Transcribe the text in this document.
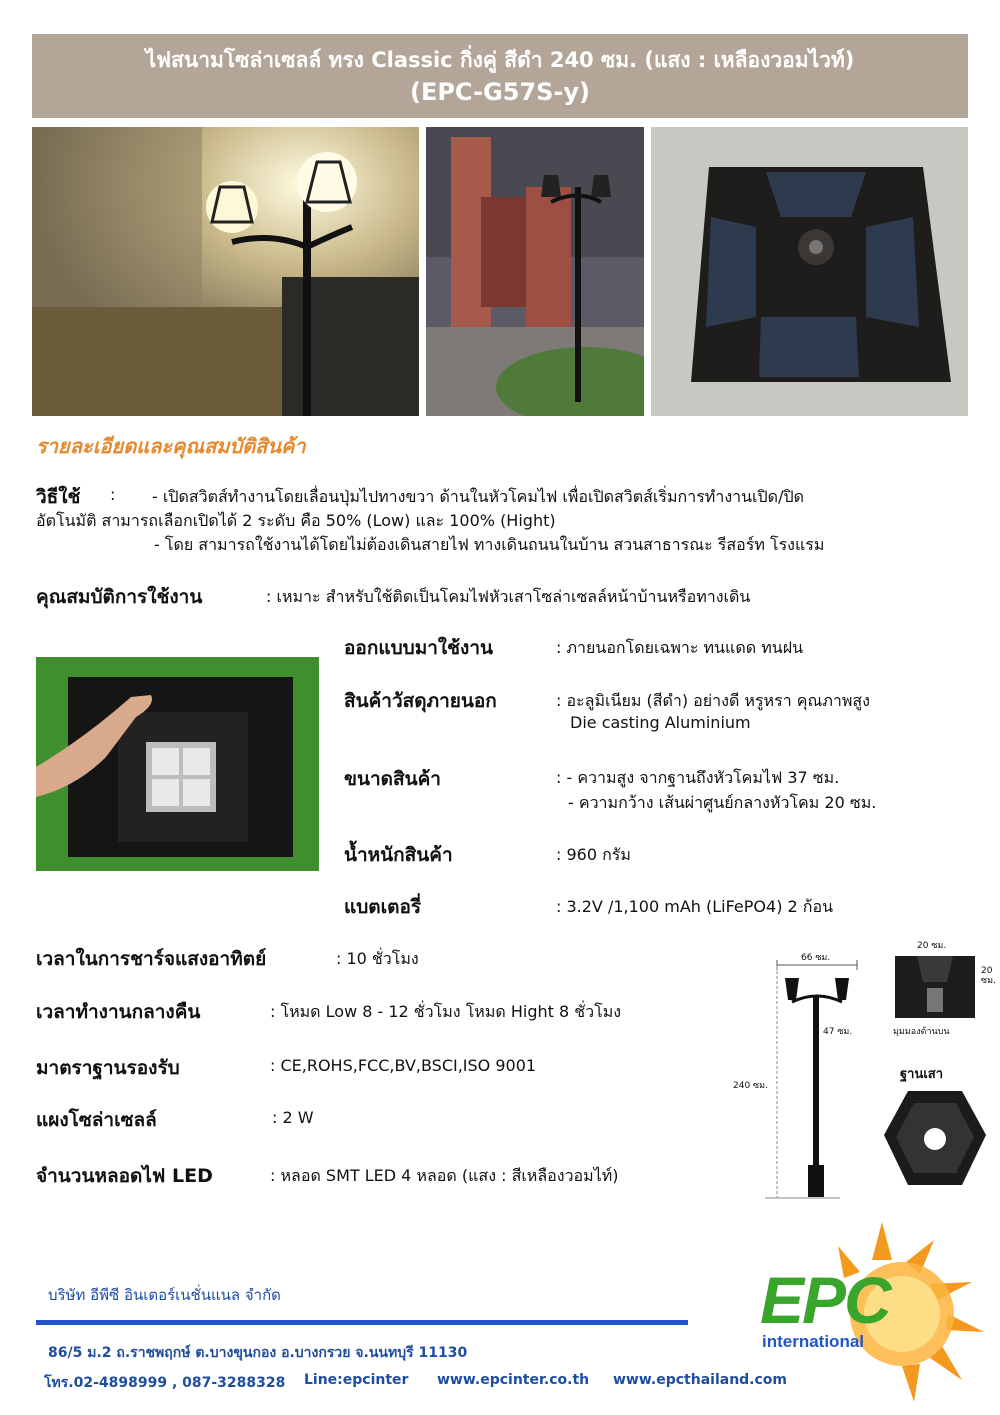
ไฟสนามโซล่าเซลล์ ทรง Classic กิ่งคู่ สีดำ 240 ซม. (แสง : เหลืองวอมไวท์)
(EPC-G57S-y)
รายละเอียดและคุณสมบัติสินค้า
วิธีใช้ : - เปิดสวิตส์ทำงานโดยเลื่อนปุ่มไปทางขวา ด้านในหัวโคมไฟ เพื่อเปิดสวิตส์เริ่มการทำงานเปิด/ปิด
อัตโนมัติ สามารถเลือกเปิดได้ 2 ระดับ คือ 50% (Low) และ 100% (Hight)
- โดย สามารถใช้งานได้โดยไม่ต้องเดินสายไฟ ทางเดินถนนในบ้าน สวนสาธารณะ รีสอร์ท โรงแรม
คุณสมบัติการใช้งาน	: เหมาะ สำหรับใช้ติดเป็นโคมไฟหัวเสาโซล่าเซลล์หน้าบ้านหรือทางเดิน
ออกแบบมาใช้งาน	: ภายนอกโดยเฉพาะ ทนแดด ทนฝน
สินค้าวัสดุภายนอก	: อะลูมิเนียม (สีดำ) อย่างดี หรูหรา คุณภาพสูง
Die casting Aluminium
ขนาดสินค้า	: - ความสูง จากฐานถึงหัวโคมไฟ 37 ซม.
- ความกว้าง เส้นผ่าศูนย์กลางหัวโคม 20 ซม.
น้ำหนักสินค้า	: 960 กรัม
แบตเตอรี่	: 3.2V /1,100 mAh (LiFePO4) 2 ก้อน
เวลาในการชาร์จแสงอาทิตย์	: 10 ชั่วโมง
เวลาทำงานกลางคืน	: โหมด Low 8 - 12 ชั่วโมง โหมด Hight 8 ชั่วโมง
มาตราฐานรองรับ	: CE,ROHS,FCC,BV,BSCI,ISO 9001
แผงโซล่าเซลล์	: 2 W
จำนวนหลอดไฟ LED	: หลอด SMT LED 4 หลอด (แสง : สีเหลืองวอมไท์)
66 ซม.
47 ซม.
240 ซม.
20 ซม.
20 ซม.
มุมมองด้านบน
ฐานเสา
บริษัท อีพีซี อินเตอร์เนชั่นแนล จำกัด
86/5 ม.2 ถ.ราชพฤกษ์ ต.บางขุนกอง อ.บางกรวย จ.นนทบุรี 11130
โทร.02-4898999 , 087-3288328 Line:epcinter www.epcinter.co.th www.epcthailand.com
EPC
international
